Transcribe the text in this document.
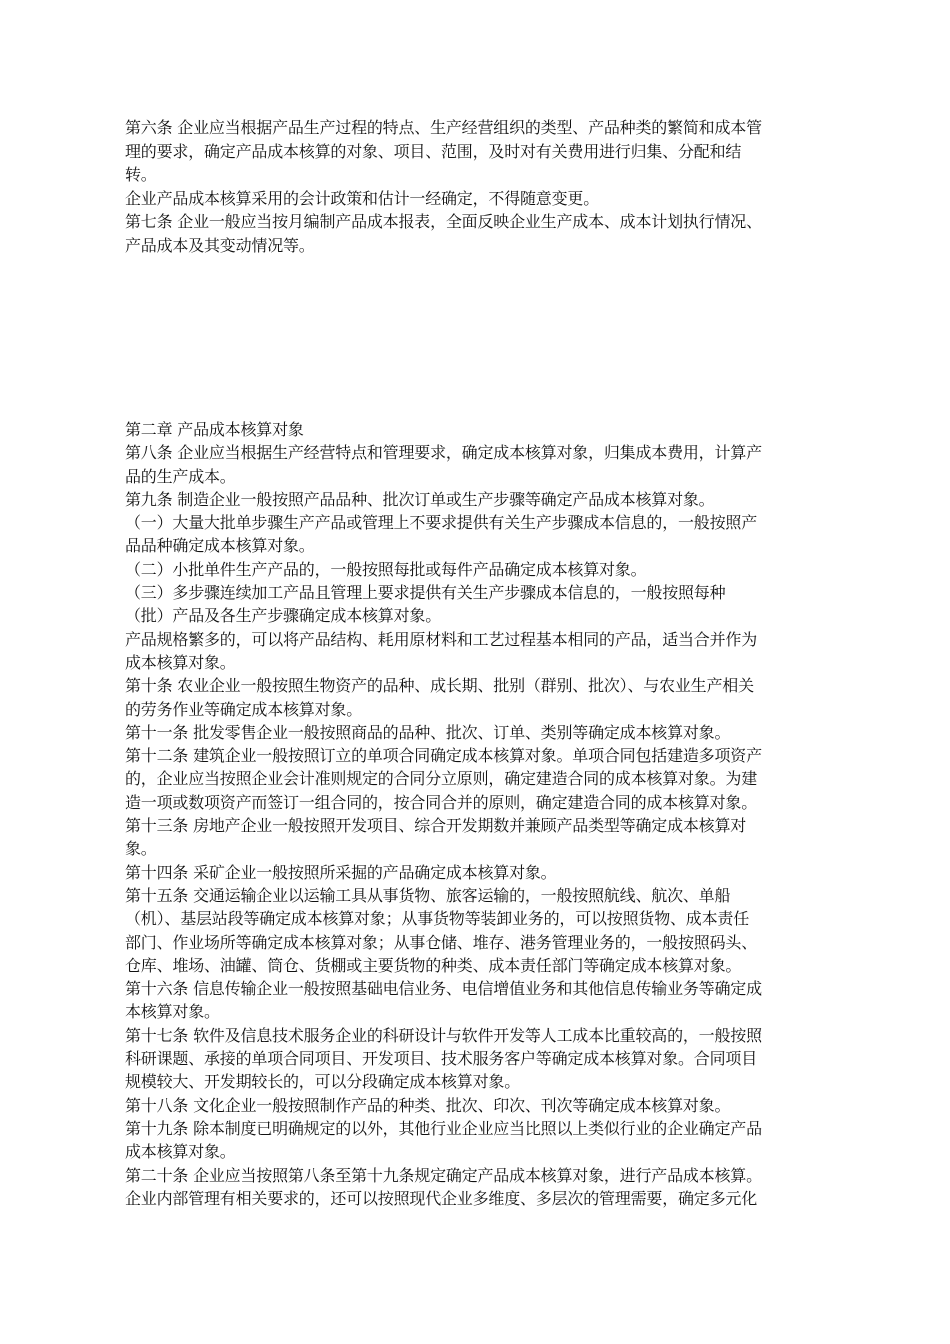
第六条 企业应当根据产品生产过程的特点、生产经营组织的类型、产品种类的繁简和成本管
理的要求，确定产品成本核算的对象、项目、范围，及时对有关费用进行归集、分配和结
转。
企业产品成本核算采用的会计政策和估计一经确定，不得随意变更。
第七条 企业一般应当按月编制产品成本报表，全面反映企业生产成本、成本计划执行情况、
产品成本及其变动情况等。
第二章 产品成本核算对象
第八条 企业应当根据生产经营特点和管理要求，确定成本核算对象，归集成本费用，计算产
品的生产成本。
第九条 制造企业一般按照产品品种、批次订单或生产步骤等确定产品成本核算对象。
（一）大量大批单步骤生产产品或管理上不要求提供有关生产步骤成本信息的，一般按照产
品品种确定成本核算对象。
（二）小批单件生产产品的，一般按照每批或每件产品确定成本核算对象。
（三）多步骤连续加工产品且管理上要求提供有关生产步骤成本信息的，一般按照每种
（批）产品及各生产步骤确定成本核算对象。
产品规格繁多的，可以将产品结构、耗用原材料和工艺过程基本相同的产品，适当合并作为
成本核算对象。
第十条 农业企业一般按照生物资产的品种、成长期、批别（群别、批次）、与农业生产相关
的劳务作业等确定成本核算对象。
第十一条 批发零售企业一般按照商品的品种、批次、订单、类别等确定成本核算对象。
第十二条 建筑企业一般按照订立的单项合同确定成本核算对象。单项合同包括建造多项资产
的，企业应当按照企业会计准则规定的合同分立原则，确定建造合同的成本核算对象。为建
造一项或数项资产而签订一组合同的，按合同合并的原则，确定建造合同的成本核算对象。
第十三条 房地产企业一般按照开发项目、综合开发期数并兼顾产品类型等确定成本核算对
象。
第十四条 采矿企业一般按照所采掘的产品确定成本核算对象。
第十五条 交通运输企业以运输工具从事货物、旅客运输的，一般按照航线、航次、单船
（机）、基层站段等确定成本核算对象；从事货物等装卸业务的，可以按照货物、成本责任
部门、作业场所等确定成本核算对象；从事仓储、堆存、港务管理业务的，一般按照码头、
仓库、堆场、油罐、筒仓、货棚或主要货物的种类、成本责任部门等确定成本核算对象。
第十六条 信息传输企业一般按照基础电信业务、电信增值业务和其他信息传输业务等确定成
本核算对象。
第十七条 软件及信息技术服务企业的科研设计与软件开发等人工成本比重较高的，一般按照
科研课题、承接的单项合同项目、开发项目、技术服务客户等确定成本核算对象。合同项目
规模较大、开发期较长的，可以分段确定成本核算对象。
第十八条 文化企业一般按照制作产品的种类、批次、印次、刊次等确定成本核算对象。
第十九条 除本制度已明确规定的以外，其他行业企业应当比照以上类似行业的企业确定产品
成本核算对象。
第二十条 企业应当按照第八条至第十九条规定确定产品成本核算对象，进行产品成本核算。
企业内部管理有相关要求的，还可以按照现代企业多维度、多层次的管理需要，确定多元化
